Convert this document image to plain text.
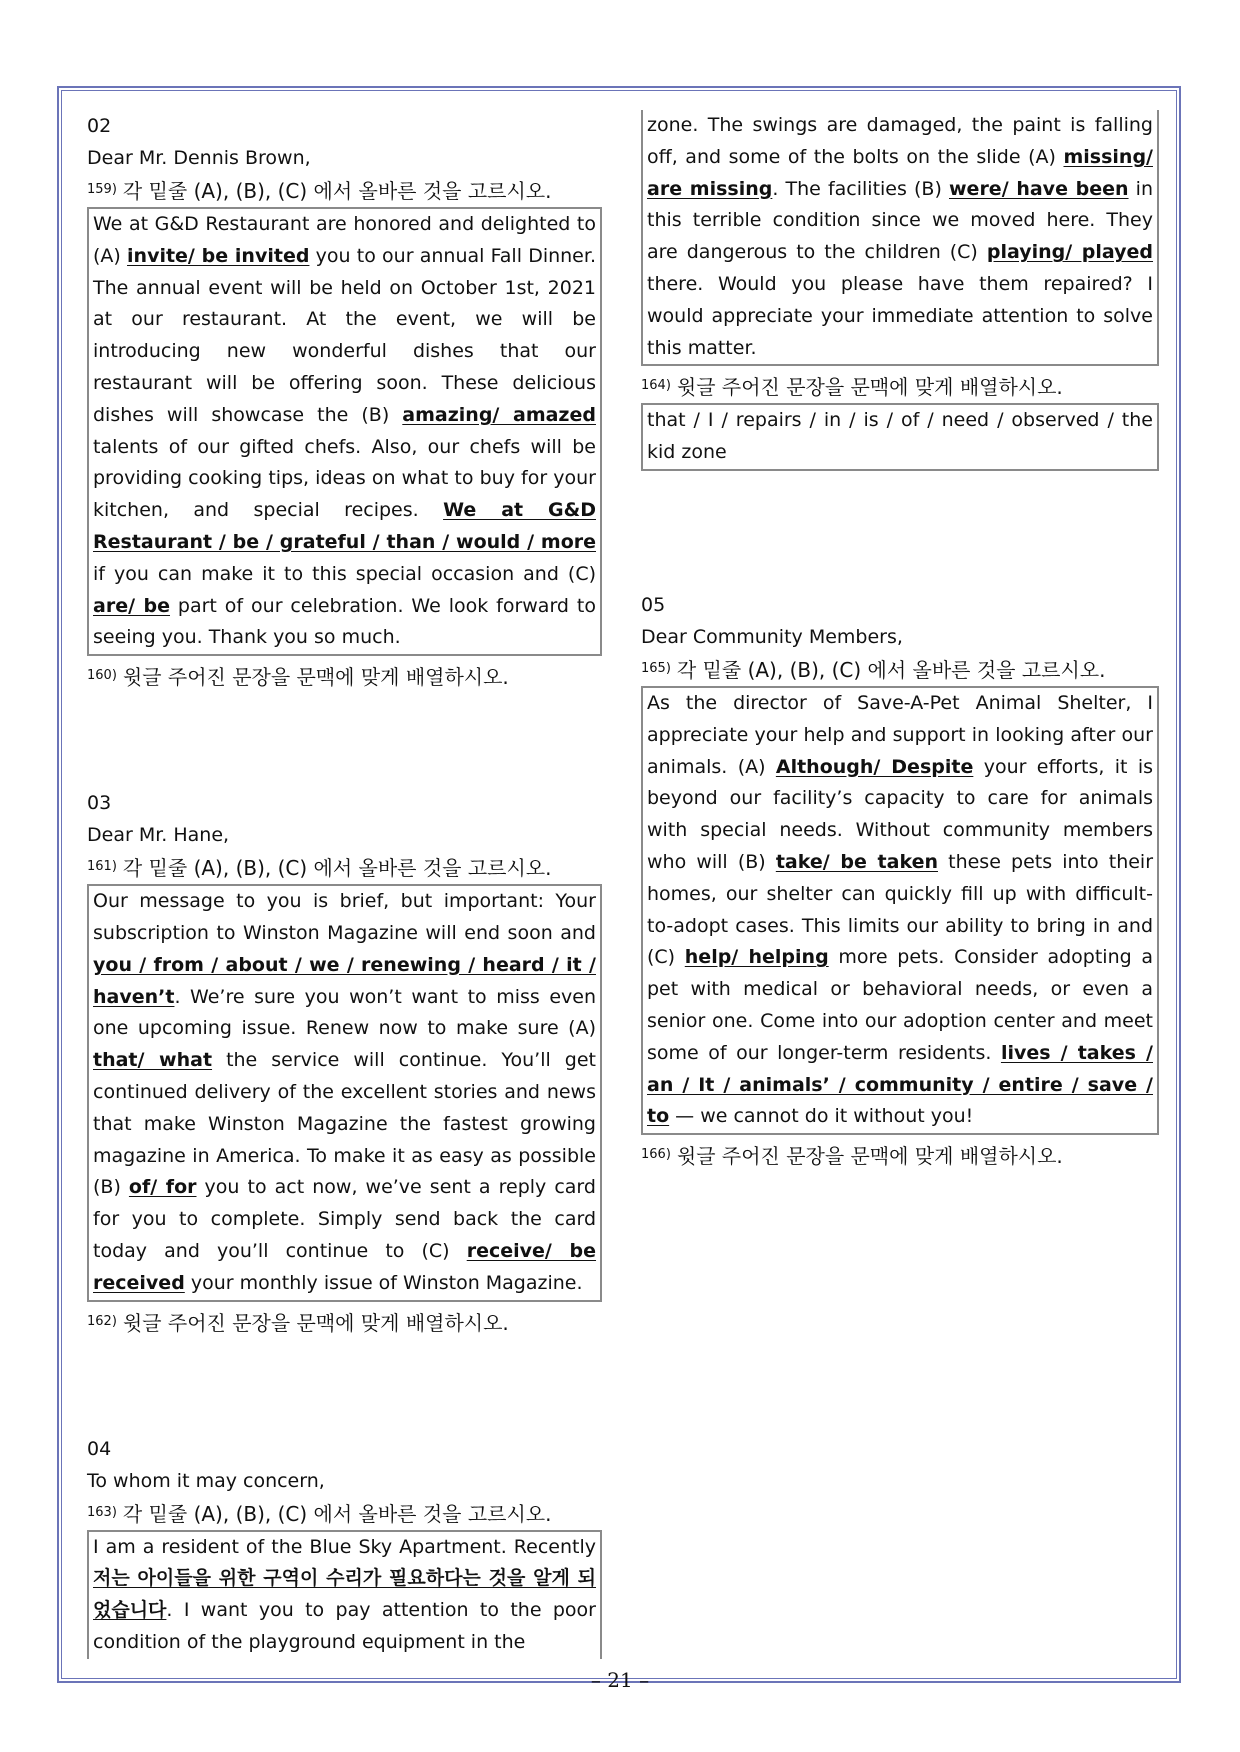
02
Dear Mr. Dennis Brown,
$^{159)}$ 각 밑줄 (A), (B), (C) 에서 올바른 것을 고르시오.
We at G&D Restaurant are honored and delighted to (A) invite/ be invited you to our annual Fall Dinner. The annual event will be held on October 1st, 2021 at our restaurant. At the event, we will be introducing new wonderful dishes that our restaurant will be offering soon. These delicious dishes will showcase the (B) amazing/ amazed talents of our gifted chefs. Also, our chefs will be providing cooking tips, ideas on what to buy for your kitchen, and special recipes. We at G&D Restaurant / be / grateful / than / would / more if you can make it to this special occasion and (C) are/ be part of our celebration. We look forward to seeing you. Thank you so much.
$^{160)}$ 윗글 주어진 문장을 문맥에 맞게 배열하시오.
03
Dear Mr. Hane,
$^{161)}$ 각 밑줄 (A), (B), (C) 에서 올바른 것을 고르시오.
Our message to you is brief, but important: Your subscription to Winston Magazine will end soon and you / from / about / we / renewing / heard / it / haven’t. We’re sure you won’t want to miss even one upcoming issue. Renew now to make sure (A) that/ what the service will continue. You’ll get continued delivery of the excellent stories and news that make Winston Magazine the fastest growing magazine in America. To make it as easy as possible (B) of/ for you to act now, we’ve sent a reply card for you to complete. Simply send back the card today and you’ll continue to (C) receive/ be received your monthly issue of Winston Magazine.
$^{162)}$ 윗글 주어진 문장을 문맥에 맞게 배열하시오.
04
To whom it may concern,
$^{163)}$ 각 밑줄 (A), (B), (C) 에서 올바른 것을 고르시오.
I am a resident of the Blue Sky Apartment. Recently 저는 아이들을 위한 구역이 수리가 필요하다는 것을 알게 되었습니다. I want you to pay attention to the poor condition of the playground equipment in the
zone. The swings are damaged, the paint is falling off, and some of the bolts on the slide (A) missing/ are missing. The facilities (B) were/ have been in this terrible condition since we moved here. They are dangerous to the children (C) playing/ played there. Would you please have them repaired? I would appreciate your immediate attention to solve this matter.
$^{164)}$ 윗글 주어진 문장을 문맥에 맞게 배열하시오.
that / I / repairs / in / is / of / need / observed / the kid zone
05
Dear Community Members,
$^{165)}$ 각 밑줄 (A), (B), (C) 에서 올바른 것을 고르시오.
As the director of Save-A-Pet Animal Shelter, I appreciate your help and support in looking after our animals. (A) Although/ Despite your efforts, it is beyond our facility’s capacity to care for animals with special needs. Without community members who will (B) take/ be taken these pets into their homes, our shelter can quickly fill up with difficult-to-adopt cases. This limits our ability to bring in and (C) help/ helping more pets. Consider adopting a pet with medical or behavioral needs, or even a senior one. Come into our adoption center and meet some of our longer-term residents. lives / takes / an / It / animals’ / community / entire / save / to — we cannot do it without you!
$^{166)}$ 윗글 주어진 문장을 문맥에 맞게 배열하시오.
– 21 –
